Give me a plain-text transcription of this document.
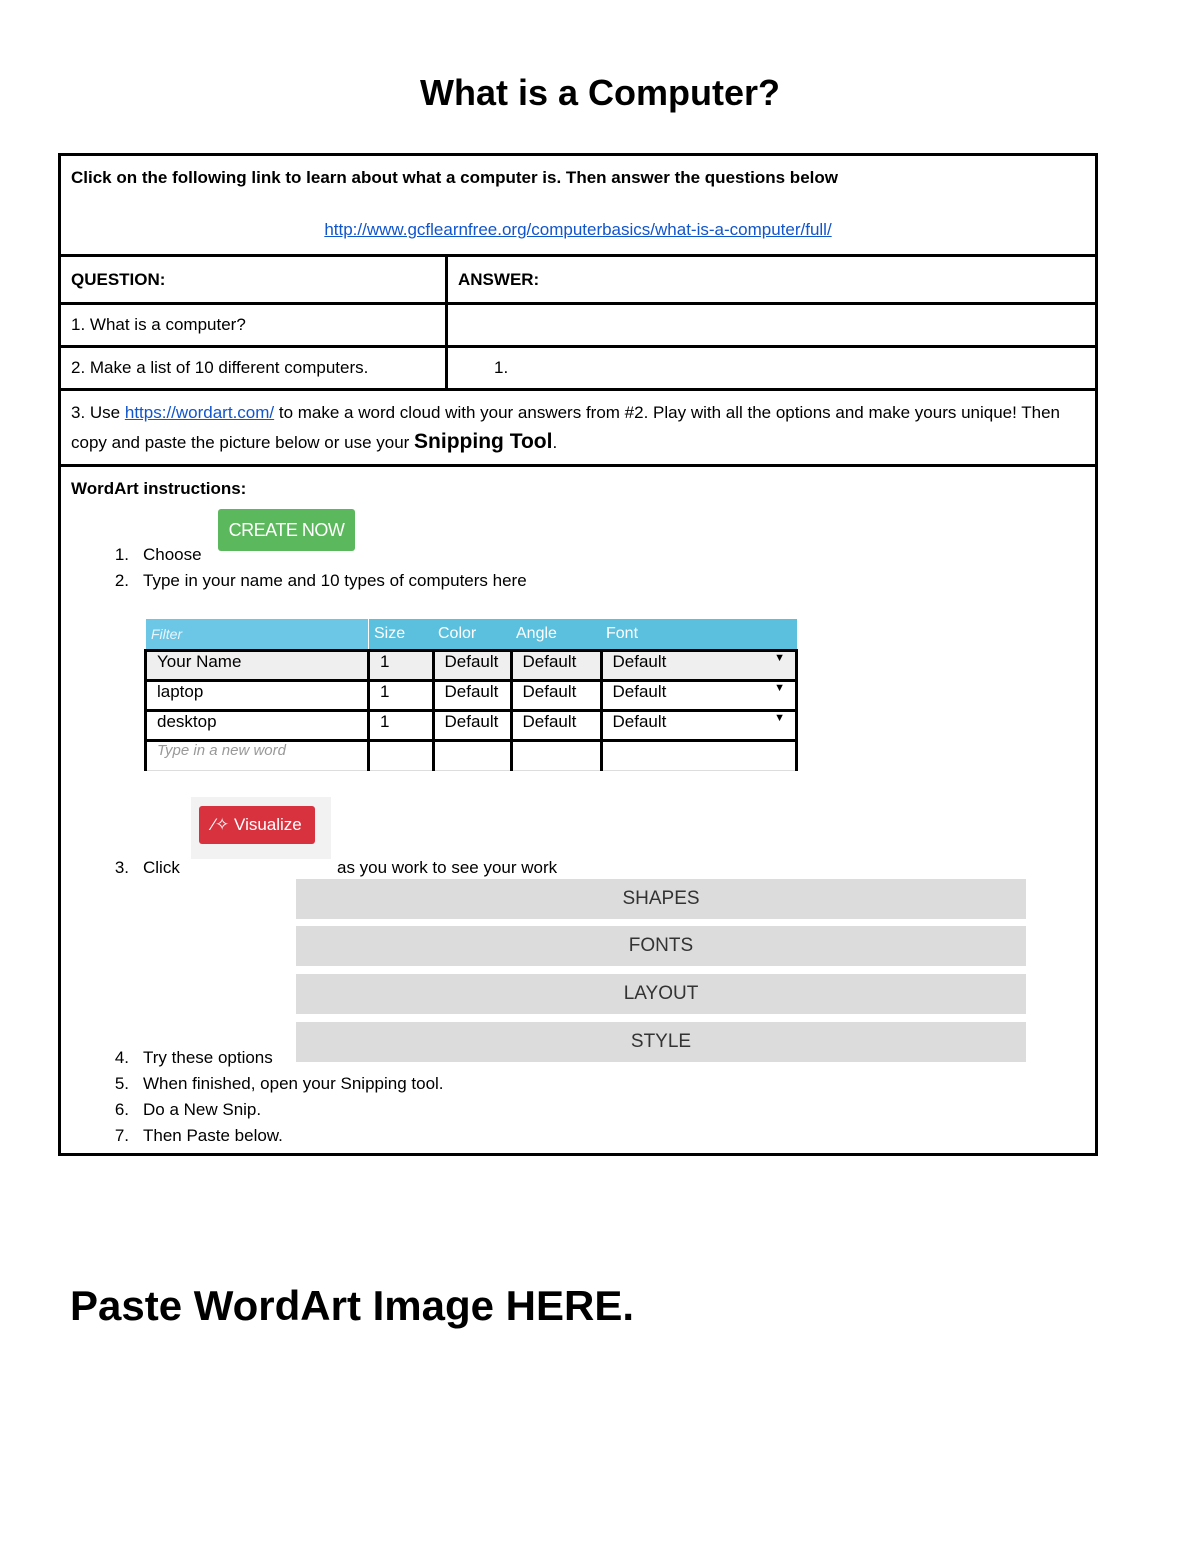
What is a Computer?
Click on the following link to learn about what a computer is. Then answer the questions below
http://www.gcflearnfree.org/computerbasics/what-is-a-computer/full/

QUESTION:	ANSWER:
1. What is a computer?	
2. Make a list of 10 different computers.	1.
3. Use https://wordart.com/ to make a word cloud with your answers from #2. Play with all the options and make yours unique! Then copy and paste the picture below or use your Snipping Tool.

WordArt instructions:
1. Choose
CREATE NOW
2. Type in your name and 10 types of computers here
Filter	Size	Color	Angle	Font
Your Name	1	Default	Default	Default	▼

laptop	1	Default	Default	Default	▼

desktop	1	Default	Default	Default	▼

Type in a new word				
⁄✧ Visualize
3. Click	as you work to see your work
SHAPES
FONTS
LAYOUT
STYLE
4. Try these options
5. When finished, open your Snipping tool.
6. Do a New Snip.
7. Then Paste below.
Paste WordArt Image HERE.
